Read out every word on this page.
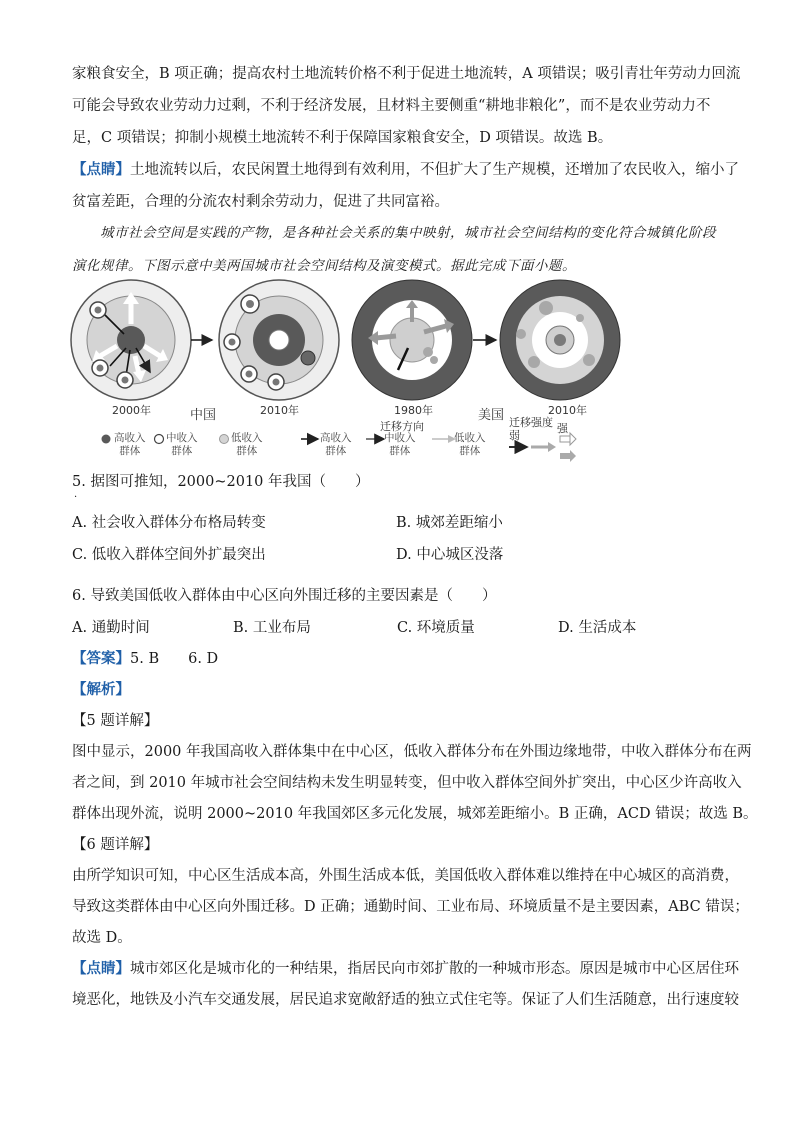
家粮食安全，B 项正确；提高农村土地流转价格不利于促进土地流转，A 项错误；吸引青壮年劳动力回流
可能会导致农业劳动力过剩，不利于经济发展，且材料主要侧重“耕地非粮化”，而不是农业劳动力不
足，C 项错误；抑制小规模土地流转不利于保障国家粮食安全，D 项错误。故选 B。
【点睛】土地流转以后，农民闲置土地得到有效利用，不但扩大了生产规模，还增加了农民收入，缩小了
贫富差距，合理的分流农村剩余劳动力，促进了共同富裕。
城市社会空间是实践的产物，是各种社会关系的集中映射，城市社会空间结构的变化符合城镇化阶段
演化规律。下图示意中美两国城市社会空间结构及演变模式。据此完成下面小题。
2000年	2010年	1980年	2010年
中国	美国
迁移方向	迁移强度
弱
强
高收入
群体
中收入
群体
低收入
群体
高收入
群体
中收入
群体
低收入
群体
5. 据图可推知，2000~2010 年我国（　　）
·
A. 社会收入群体分布格局转变	B. 城郊差距缩小
C. 低收入群体空间外扩最突出	D. 中心城区没落
6. 导致美国低收入群体由中心区向外围迁移的主要因素是（　　）
A. 通勤时间	B. 工业布局	C. 环境质量	D. 生活成本
【答案】5. B　　6. D
【解析】
【5 题详解】
图中显示，2000 年我国高收入群体集中在中心区，低收入群体分布在外围边缘地带，中收入群体分布在两
者之间，到 2010 年城市社会空间结构未发生明显转变，但中收入群体空间外扩突出，中心区少许高收入
群体出现外流，说明 2000~2010 年我国郊区多元化发展，城郊差距缩小。B 正确，ACD 错误；故选 B。
【6 题详解】
由所学知识可知，中心区生活成本高，外围生活成本低，美国低收入群体难以维持在中心城区的高消费，
导致这类群体由中心区向外围迁移。D 正确；通勤时间、工业布局、环境质量不是主要因素，ABC 错误；
故选 D。
【点睛】城市郊区化是城市化的一种结果，指居民向市郊扩散的一种城市形态。原因是城市中心区居住环
境恶化，地铁及小汽车交通发展，居民追求宽敞舒适的独立式住宅等。保证了人们生活随意，出行速度较
